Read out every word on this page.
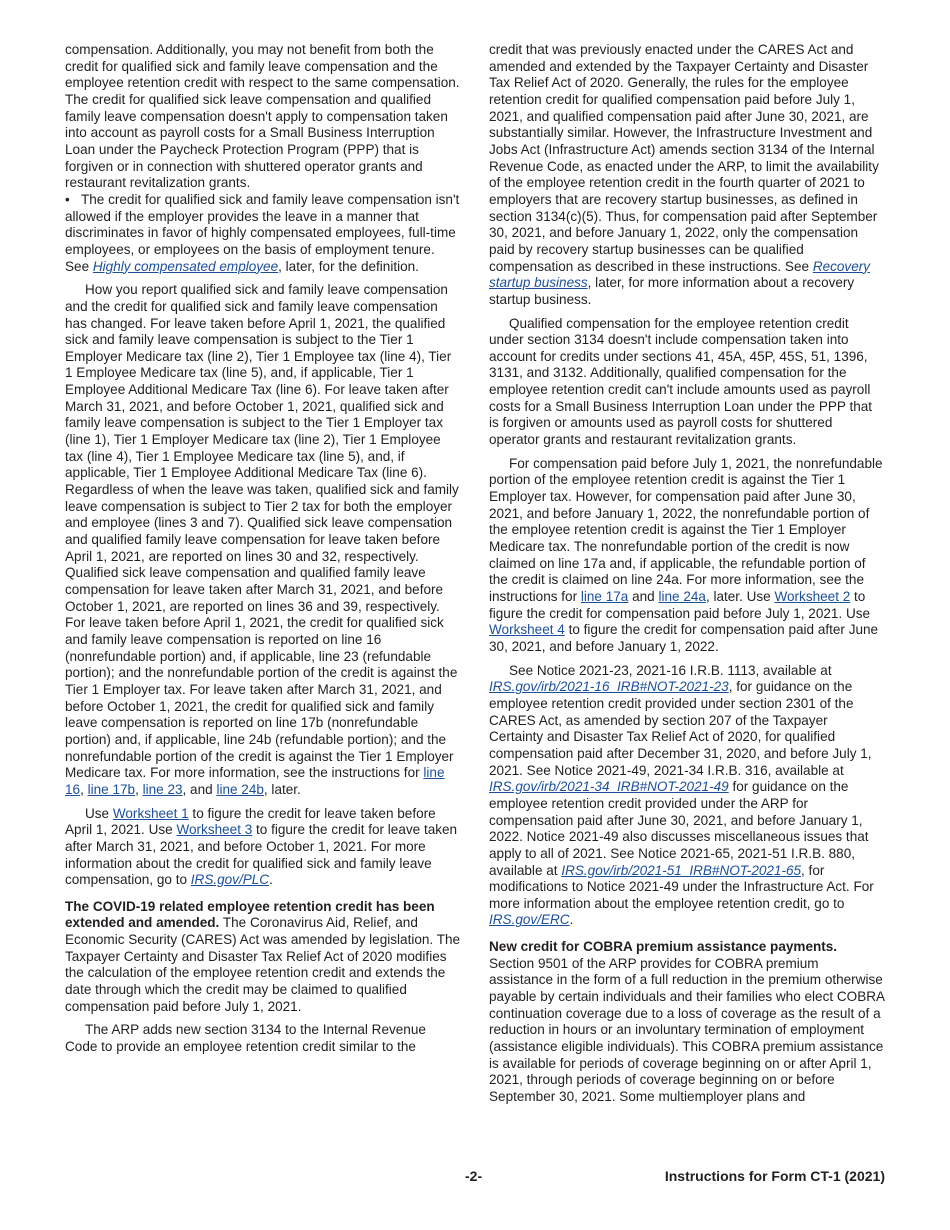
compensation. Additionally, you may not benefit from both the credit for qualified sick and family leave compensation and the employee retention credit with respect to the same compensation. The credit for qualified sick leave compensation and qualified family leave compensation doesn't apply to compensation taken into account as payroll costs for a Small Business Interruption Loan under the Paycheck Protection Program (PPP) that is forgiven or in connection with shuttered operator grants and restaurant revitalization grants.

• The credit for qualified sick and family leave compensation isn't allowed if the employer provides the leave in a manner that discriminates in favor of highly compensated employees, full-time employees, or employees on the basis of employment tenure. See Highly compensated employee, later, for the definition.

How you report qualified sick and family leave compensation and the credit for qualified sick and family leave compensation has changed. For leave taken before April 1, 2021, the qualified sick and family leave compensation is subject to the Tier 1 Employer Medicare tax (line 2), Tier 1 Employee tax (line 4), Tier 1 Employee Medicare tax (line 5), and, if applicable, Tier 1 Employee Additional Medicare Tax (line 6). For leave taken after March 31, 2021, and before October 1, 2021, qualified sick and family leave compensation is subject to the Tier 1 Employer tax (line 1), Tier 1 Employer Medicare tax (line 2), Tier 1 Employee tax (line 4), Tier 1 Employee Medicare tax (line 5), and, if applicable, Tier 1 Employee Additional Medicare Tax (line 6). Regardless of when the leave was taken, qualified sick and family leave compensation is subject to Tier 2 tax for both the employer and employee (lines 3 and 7). Qualified sick leave compensation and qualified family leave compensation for leave taken before April 1, 2021, are reported on lines 30 and 32, respectively. Qualified sick leave compensation and qualified family leave compensation for leave taken after March 31, 2021, and before October 1, 2021, are reported on lines 36 and 39, respectively. For leave taken before April 1, 2021, the credit for qualified sick and family leave compensation is reported on line 16 (nonrefundable portion) and, if applicable, line 23 (refundable portion); and the nonrefundable portion of the credit is against the Tier 1 Employer tax. For leave taken after March 31, 2021, and before October 1, 2021, the credit for qualified sick and family leave compensation is reported on line 17b (nonrefundable portion) and, if applicable, line 24b (refundable portion); and the nonrefundable portion of the credit is against the Tier 1 Employer Medicare tax. For more information, see the instructions for line 16, line 17b, line 23, and line 24b, later.

Use Worksheet 1 to figure the credit for leave taken before April 1, 2021. Use Worksheet 3 to figure the credit for leave taken after March 31, 2021, and before October 1, 2021. For more information about the credit for qualified sick and family leave compensation, go to IRS.gov/PLC.

The COVID-19 related employee retention credit has been extended and amended. The Coronavirus Aid, Relief, and Economic Security (CARES) Act was amended by legislation. The Taxpayer Certainty and Disaster Tax Relief Act of 2020 modifies the calculation of the employee retention credit and extends the date through which the credit may be claimed to qualified compensation paid before July 1, 2021.

The ARP adds new section 3134 to the Internal Revenue Code to provide an employee retention credit similar to the

credit that was previously enacted under the CARES Act and amended and extended by the Taxpayer Certainty and Disaster Tax Relief Act of 2020. Generally, the rules for the employee retention credit for qualified compensation paid before July 1, 2021, and qualified compensation paid after June 30, 2021, are substantially similar. However, the Infrastructure Investment and Jobs Act (Infrastructure Act) amends section 3134 of the Internal Revenue Code, as enacted under the ARP, to limit the availability of the employee retention credit in the fourth quarter of 2021 to employers that are recovery startup businesses, as defined in section 3134(c)(5). Thus, for compensation paid after September 30, 2021, and before January 1, 2022, only the compensation paid by recovery startup businesses can be qualified compensation as described in these instructions. See Recovery startup business, later, for more information about a recovery startup business.

Qualified compensation for the employee retention credit under section 3134 doesn't include compensation taken into account for credits under sections 41, 45A, 45P, 45S, 51, 1396, 3131, and 3132. Additionally, qualified compensation for the employee retention credit can't include amounts used as payroll costs for a Small Business Interruption Loan under the PPP that is forgiven or amounts used as payroll costs for shuttered operator grants and restaurant revitalization grants.

For compensation paid before July 1, 2021, the nonrefundable portion of the employee retention credit is against the Tier 1 Employer tax. However, for compensation paid after June 30, 2021, and before January 1, 2022, the nonrefundable portion of the employee retention credit is against the Tier 1 Employer Medicare tax. The nonrefundable portion of the credit is now claimed on line 17a and, if applicable, the refundable portion of the credit is claimed on line 24a. For more information, see the instructions for line 17a and line 24a, later. Use Worksheet 2 to figure the credit for compensation paid before July 1, 2021. Use Worksheet 4 to figure the credit for compensation paid after June 30, 2021, and before January 1, 2022.

See Notice 2021-23, 2021-16 I.R.B. 1113, available at IRS.gov/irb/2021-16_IRB#NOT-2021-23, for guidance on the employee retention credit provided under section 2301 of the CARES Act, as amended by section 207 of the Taxpayer Certainty and Disaster Tax Relief Act of 2020, for qualified compensation paid after December 31, 2020, and before July 1, 2021. See Notice 2021-49, 2021-34 I.R.B. 316, available at IRS.gov/irb/2021-34_IRB#NOT-2021-49 for guidance on the employee retention credit provided under the ARP for compensation paid after June 30, 2021, and before January 1, 2022. Notice 2021-49 also discusses miscellaneous issues that apply to all of 2021. See Notice 2021-65, 2021-51 I.R.B. 880, available at IRS.gov/irb/2021-51_IRB#NOT-2021-65, for modifications to Notice 2021-49 under the Infrastructure Act. For more information about the employee retention credit, go to IRS.gov/ERC.

New credit for COBRA premium assistance payments.
Section 9501 of the ARP provides for COBRA premium assistance in the form of a full reduction in the premium otherwise payable by certain individuals and their families who elect COBRA continuation coverage due to a loss of coverage as the result of a reduction in hours or an involuntary termination of employment (assistance eligible individuals). This COBRA premium assistance is available for periods of coverage beginning on or after April 1, 2021, through periods of coverage beginning on or before September 30, 2021. Some multiemployer plans and

-2-	Instructions for Form CT-1 (2021)
